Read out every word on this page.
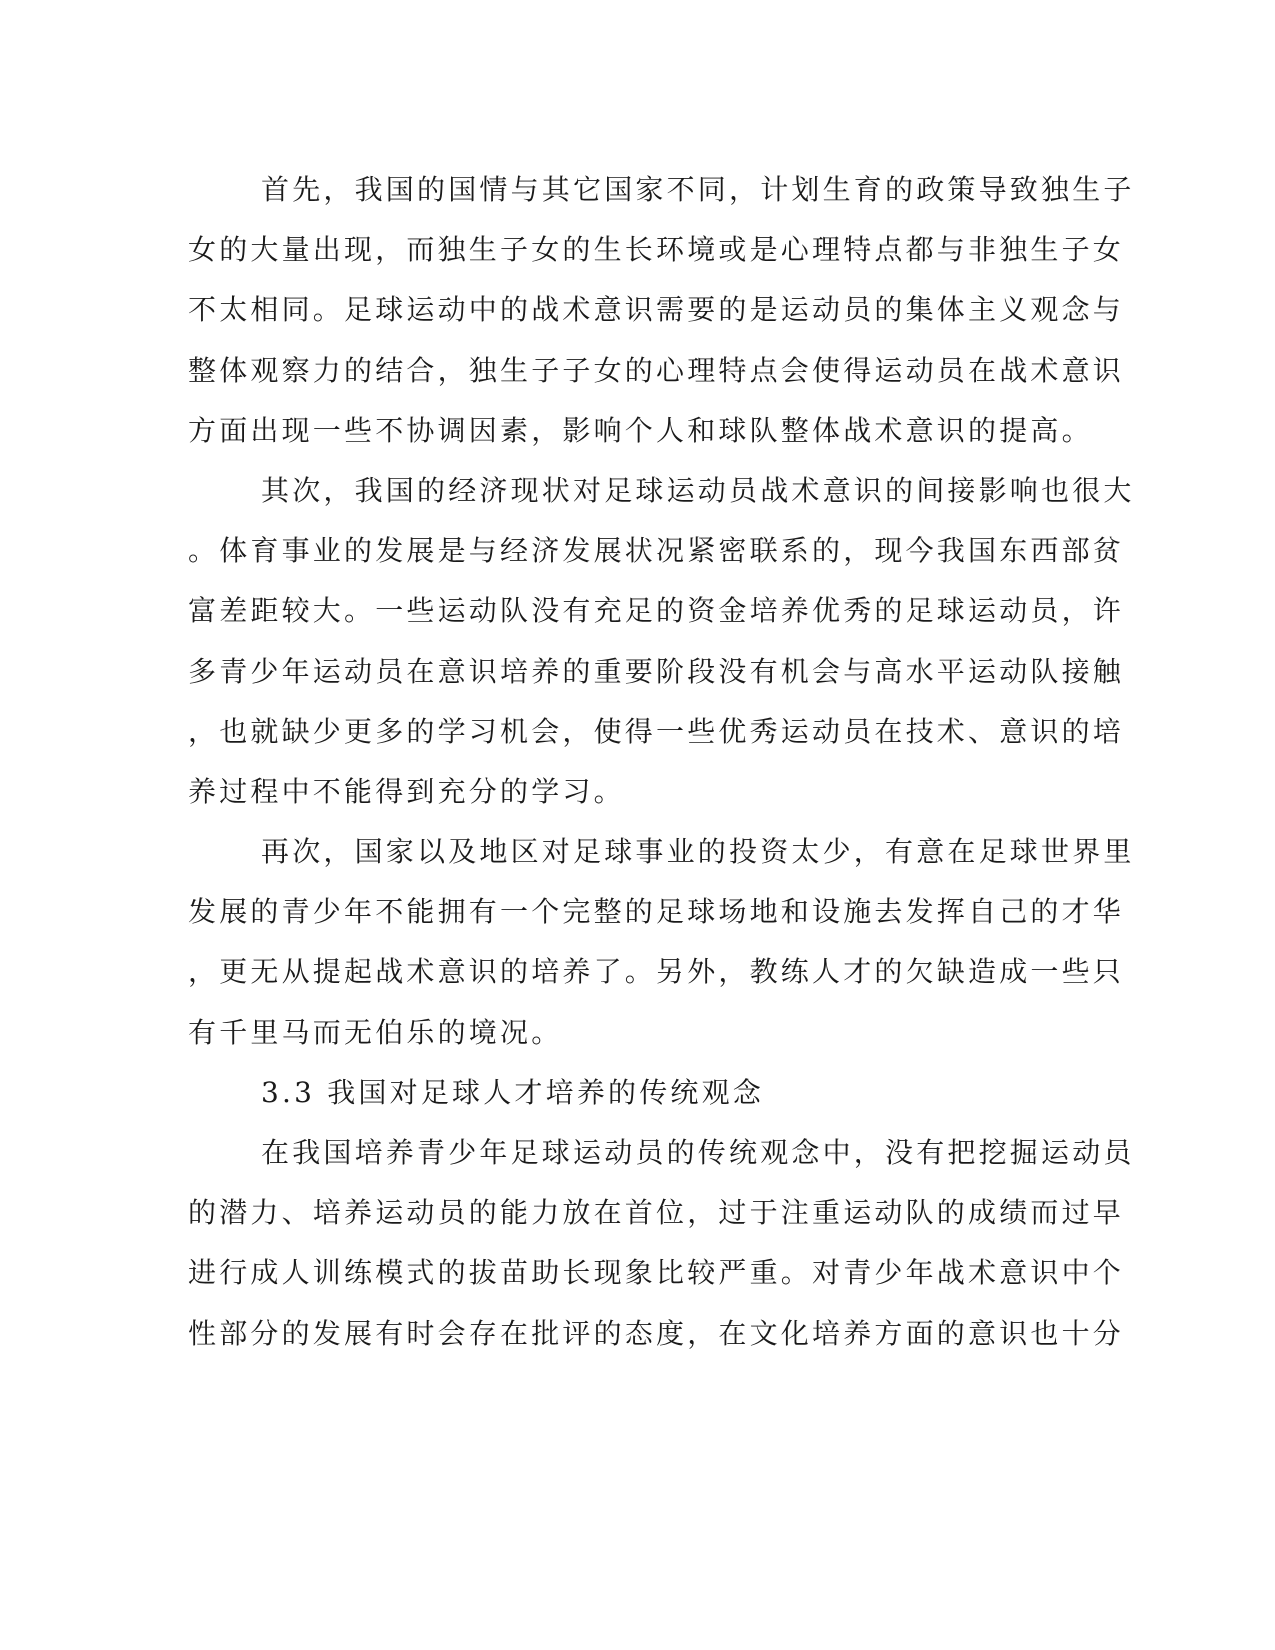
首先，我国的国情与其它国家不同，计划生育的政策导致独生子
女的大量出现，而独生子女的生长环境或是心理特点都与非独生子女
不太相同。足球运动中的战术意识需要的是运动员的集体主义观念与
整体观察力的结合，独生子子女的心理特点会使得运动员在战术意识
方面出现一些不协调因素，影响个人和球队整体战术意识的提高。
其次，我国的经济现状对足球运动员战术意识的间接影响也很大
。体育事业的发展是与经济发展状况紧密联系的，现今我国东西部贫
富差距较大。一些运动队没有充足的资金培养优秀的足球运动员，许
多青少年运动员在意识培养的重要阶段没有机会与高水平运动队接触
，也就缺少更多的学习机会，使得一些优秀运动员在技术、意识的培
养过程中不能得到充分的学习。
再次，国家以及地区对足球事业的投资太少，有意在足球世界里
发展的青少年不能拥有一个完整的足球场地和设施去发挥自己的才华
，更无从提起战术意识的培养了。另外，教练人才的欠缺造成一些只
有千里马而无伯乐的境况。
3.3 我国对足球人才培养的传统观念
在我国培养青少年足球运动员的传统观念中，没有把挖掘运动员
的潜力、培养运动员的能力放在首位，过于注重运动队的成绩而过早
进行成人训练模式的拔苗助长现象比较严重。对青少年战术意识中个
性部分的发展有时会存在批评的态度，在文化培养方面的意识也十分
